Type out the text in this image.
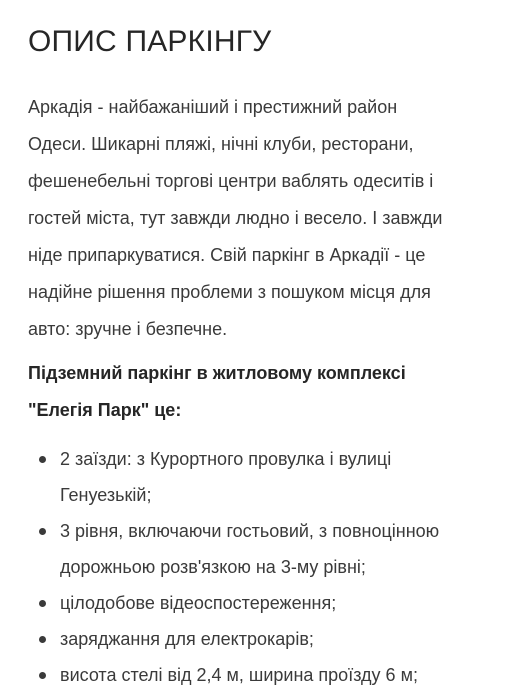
ОПИС ПАРКІНГУ

Аркадія - найбажаніший і престижний район
Одеси. Шикарні пляжі, нічні клуби, ресторани,
фешенебельні торгові центри ваблять одеситів і
гостей міста, тут завжди людно і весело. І завжди
ніде припаркуватися. Свій паркінг в Аркадії - це
надійне рішення проблеми з пошуком місця для
авто: зручне і безпечне.

Підземний паркінг в житловому комплексі
"Елегія Парк" це:

2 заїзди: з Курортного провулка і вулиці
Генуезькій;
3 рівня, включаючи гостьовий, з повноцінною
дорожньою розв'язкою на 3-му рівні;
цілодобове відеоспостереження;
заряджання для електрокарів;
висота стелі від 2,4 м, ширина проїзду 6 м;
